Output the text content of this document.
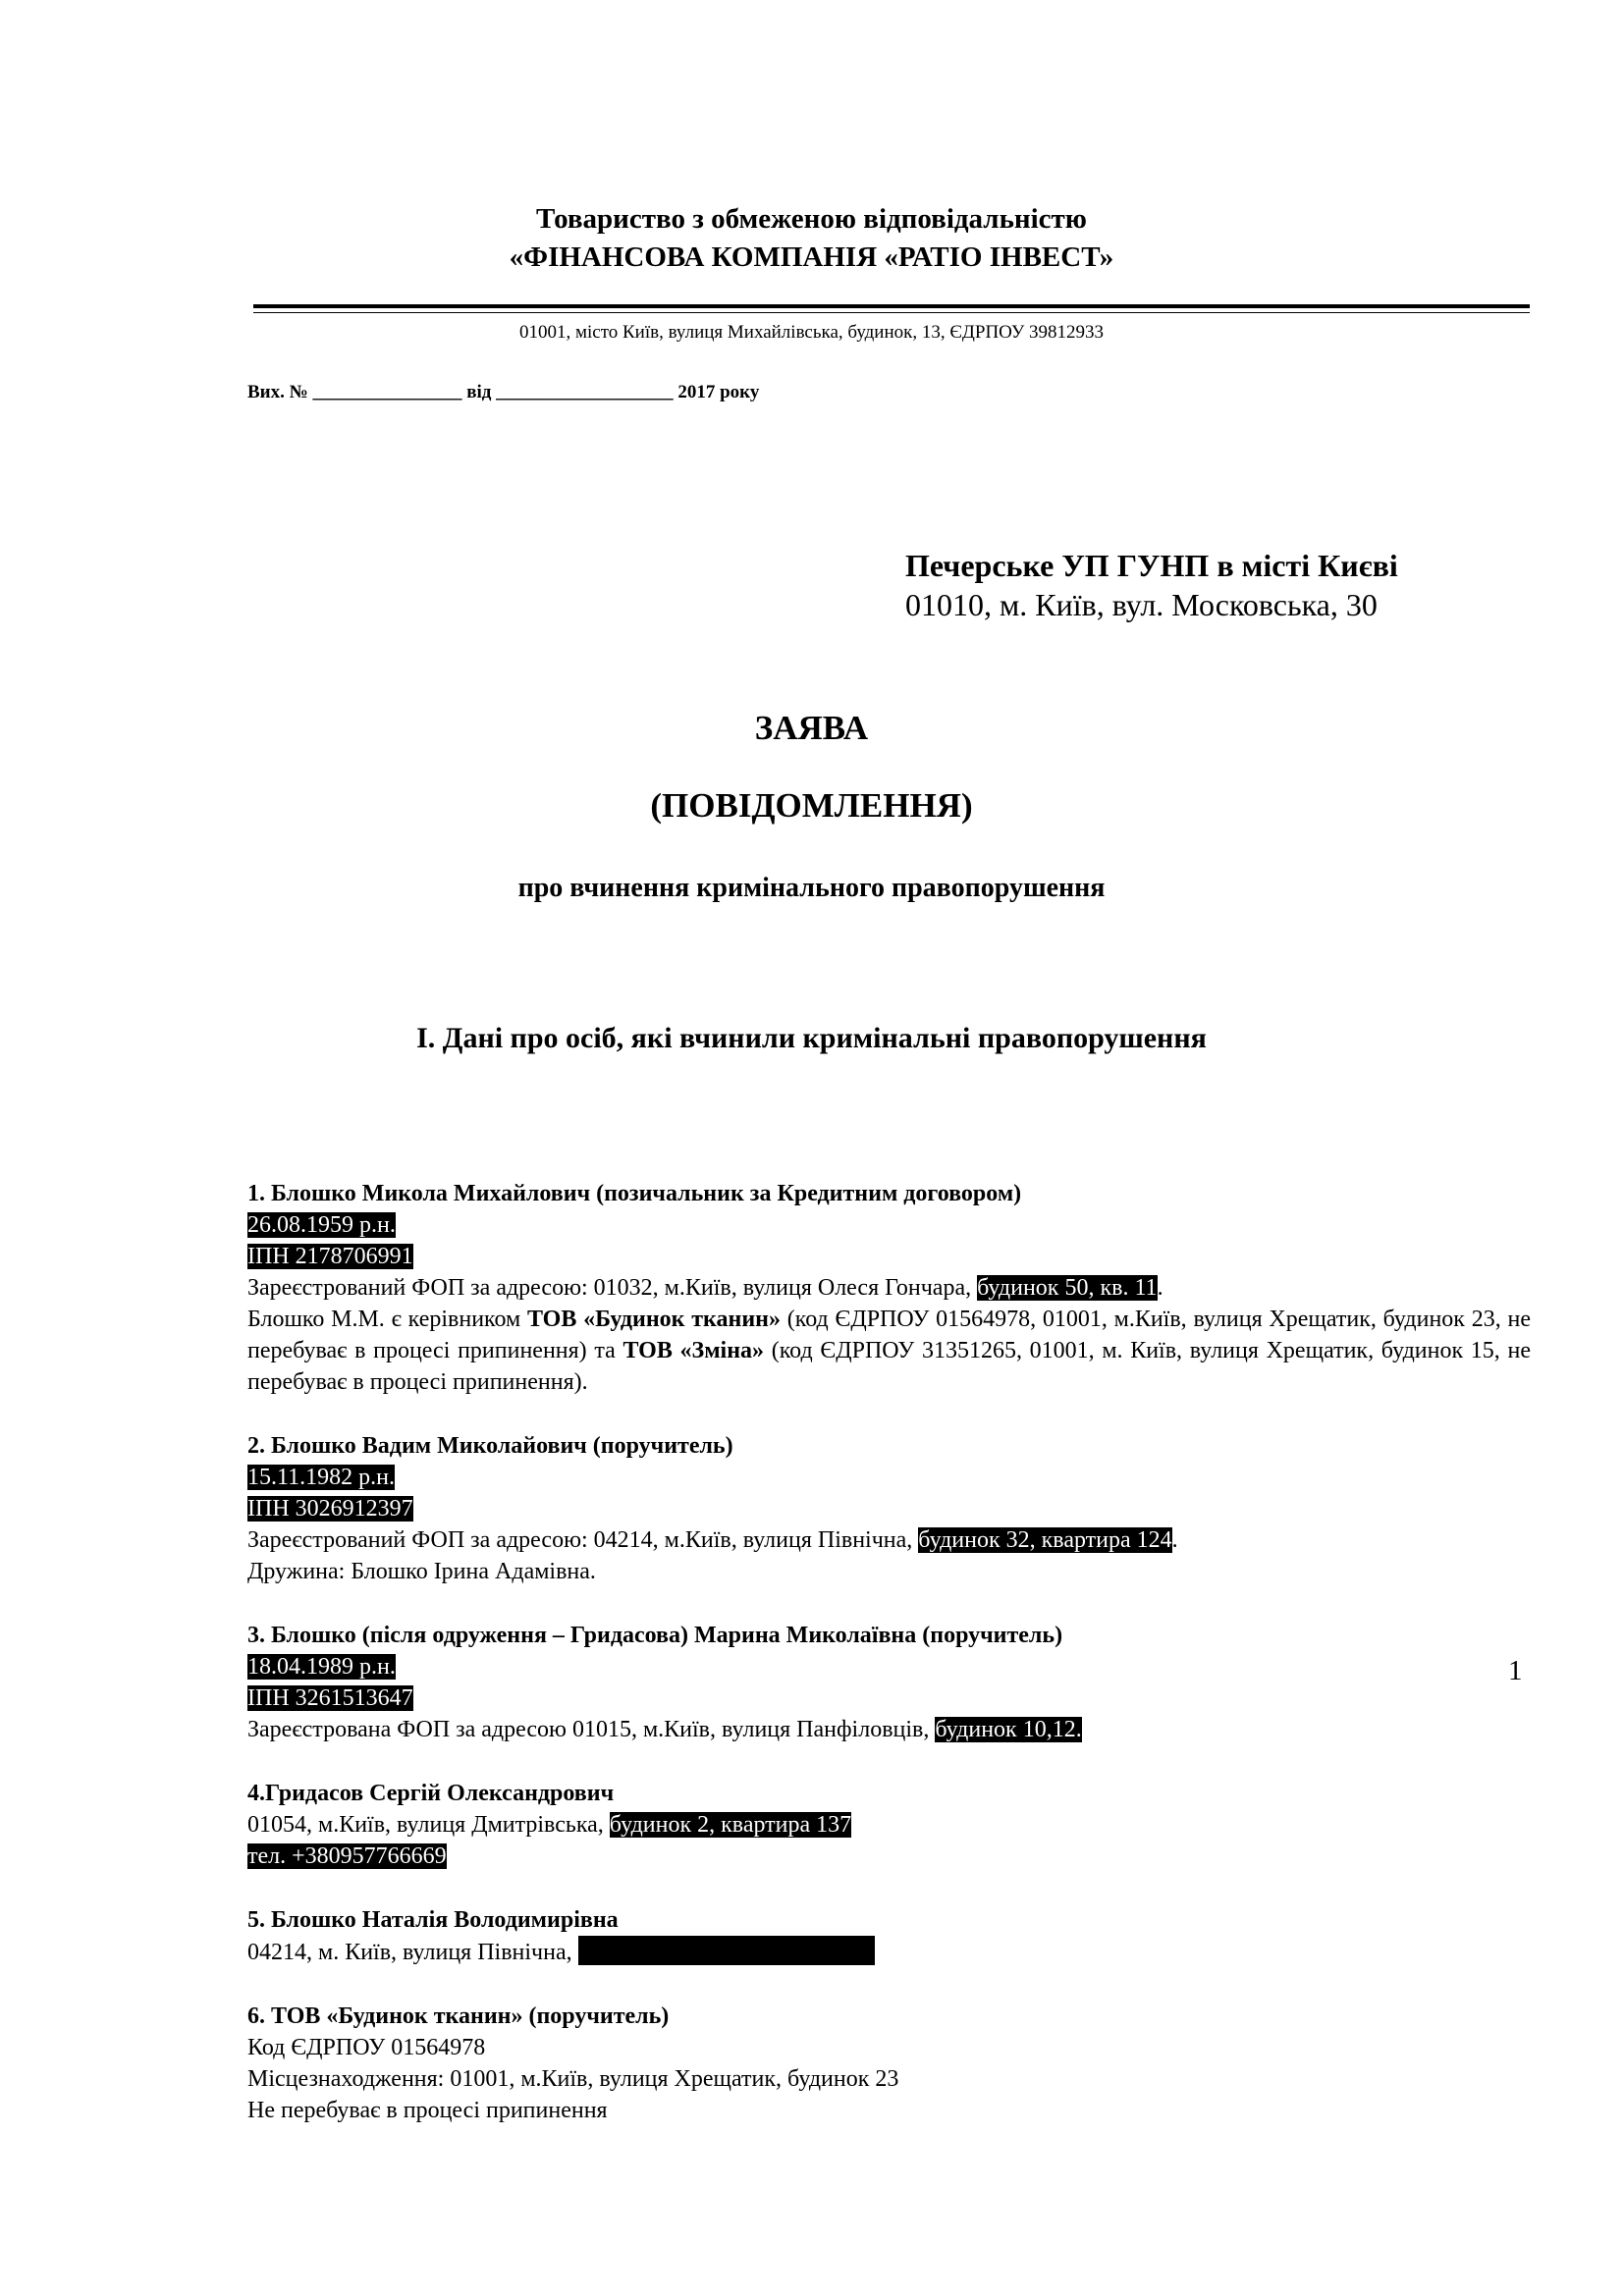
Товариство з обмеженою відповідальністю
«ФІНАНСОВА КОМПАНІЯ «РАТІО ІНВЕСТ»
01001, місто Київ, вулиця Михайлівська, будинок, 13, ЄДРПОУ 39812933
Вих. № ________________ від ___________________ 2017 року
Печерське УП ГУНП в місті Києві
01010, м. Київ, вул. Московська, 30
ЗАЯВА
(ПОВІДОМЛЕННЯ)
про вчинення кримінального правопорушення
І. Дані про осіб, які вчинили кримінальні правопорушення

1. Блошко Микола Михайлович (позичальник за Кредитним договором)

26.08.1959 р.н.

ІПН 2178706991

Зареєстрований ФОП за адресою: 01032, м.Київ, вулиця Олеся Гончара, будинок 50, кв. 11.

Блошко М.М. є керівником ТОВ «Будинок тканин» (код ЄДРПОУ 01564978, 01001, м.Київ, вулиця Хрещатик, будинок 23, не перебуває в процесі припинення) та ТОВ «Зміна» (код ЄДРПОУ 31351265, 01001, м. Київ, вулиця Хрещатик, будинок 15, не перебуває в процесі припинення).

2. Блошко Вадим Миколайович (поручитель)

15.11.1982 р.н.

ІПН 3026912397

Зареєстрований ФОП за адресою: 04214, м.Київ, вулиця Північна, будинок 32, квартира 124.

Дружина: Блошко Ірина Адамівна.

3. Блошко (після одруження – Гридасова) Марина Миколаївна (поручитель)

18.04.1989 р.н.

ІПН 3261513647

Зареєстрована ФОП за адресою 01015, м.Київ, вулиця Панфіловців, будинок 10,12.

4.Гридасов Сергій Олександрович

01054, м.Київ, вулиця Дмитрівська, будинок 2, квартира 137

тел. +380957766669

5. Блошко Наталія Володимирівна

04214, м. Київ, вулиця Північна,

6. ТОВ «Будинок тканин» (поручитель)

Код ЄДРПОУ 01564978

Місцезнаходження: 01001, м.Київ, вулиця Хрещатик, будинок 23

Не перебуває в процесі припинення

1
